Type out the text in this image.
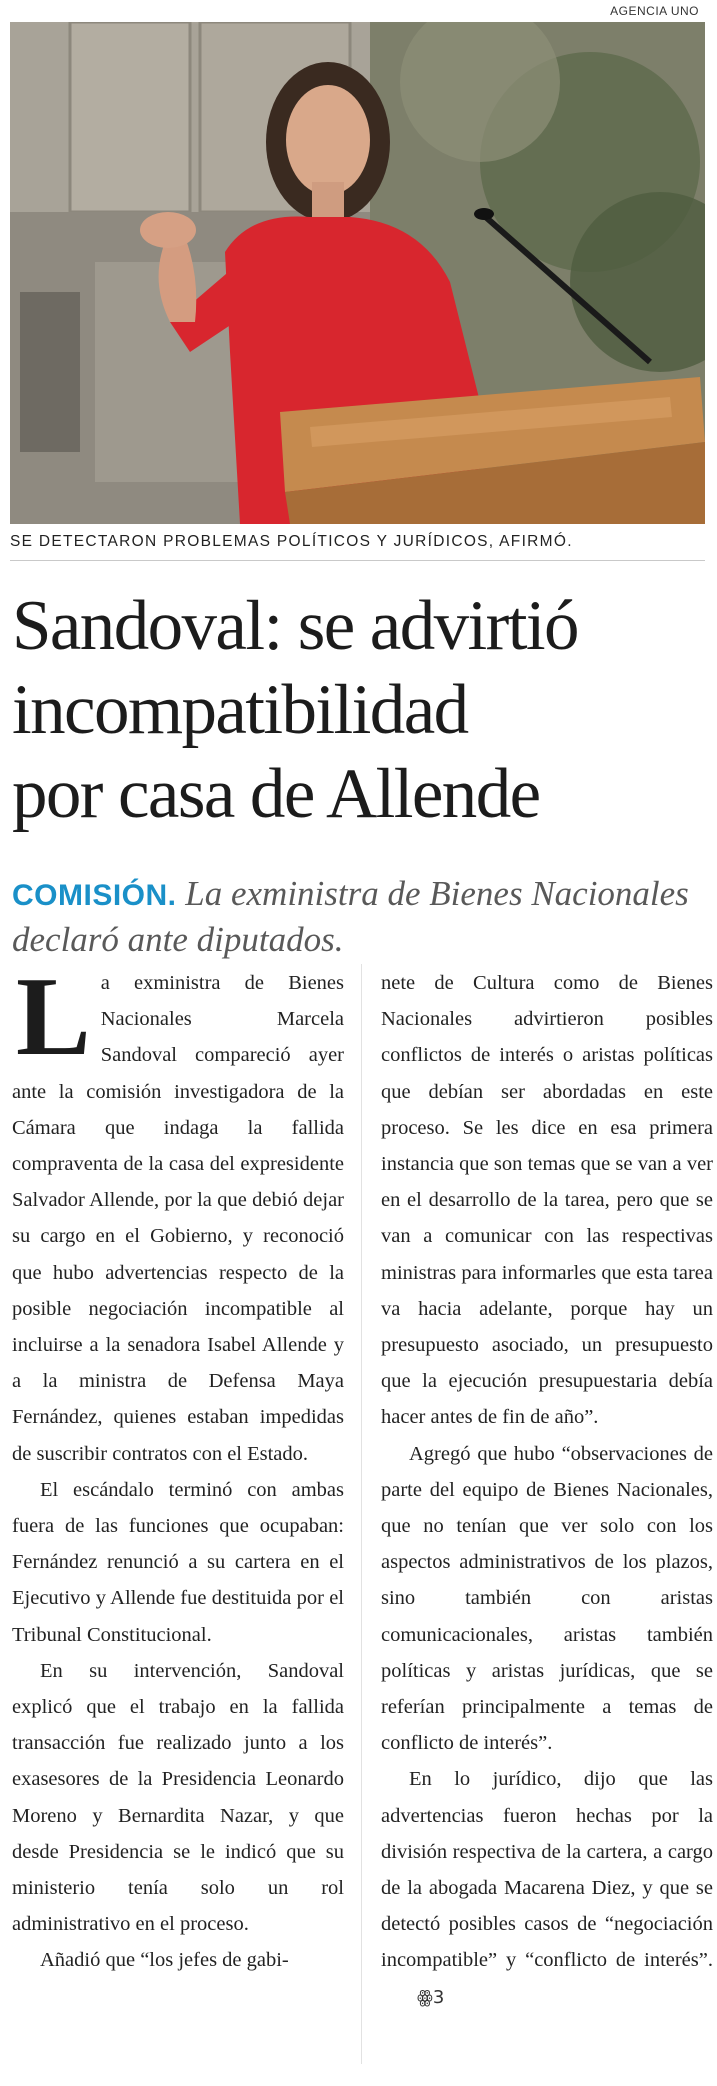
AGENCIA UNO
SE DETECTARON PROBLEMAS POLÍTICOS Y JURÍDICOS, AFIRMÓ.
Sandoval: se advirtió
incompatibilidad
por casa de Allende
COMISIÓN. La exministra de Bienes Nacionales declaró ante diputados.

La exministra de Bienes Nacionales Marcela Sandoval compareció ayer ante la comisión investigadora de la Cámara que indaga la fallida compraventa de la casa del expresidente Salvador Allende, por la que debió dejar su cargo en el Gobierno, y reconoció que hubo advertencias respecto de la posible negociación incompatible al incluirse a la senadora Isabel Allende y a la ministra de Defensa Maya Fernández, quienes estaban impedidas de suscribir contratos con el Estado.

El escándalo terminó con ambas fuera de las funciones que ocupaban: Fernández renunció a su cartera en el Ejecutivo y Allende fue destituida por el Tribunal Constitucional.

En su intervención, Sandoval explicó que el trabajo en la fallida transacción fue realizado junto a los exasesores de la Presidencia Leonardo Moreno y Bernardita Nazar, y que desde Presidencia se le indicó que su ministerio tenía solo un rol administrativo en el proceso.

Añadió que “los jefes de gabi-

nete de Cultura como de Bienes Nacionales advirtieron posibles conflictos de interés o aristas políticas que debían ser abordadas en este proceso. Se les dice en esa primera instancia que son temas que se van a ver en el desarrollo de la tarea, pero que se van a comunicar con las respectivas ministras para informarles que esta tarea va hacia adelante, porque hay un presupuesto asociado, un presupuesto que la ejecución presupuestaria debía hacer antes de fin de año”.

Agregó que hubo “observaciones de parte del equipo de Bienes Nacionales, que no tenían que ver solo con los aspectos administrativos de los plazos, sino también con aristas comunicacionales, aristas también políticas y aristas jurídicas, que se referían principalmente a temas de conflicto de interés”.

En lo jurídico, dijo que las advertencias fueron hechas por la división respectiva de la cartera, a cargo de la abogada Macarena Diez, y que se detectó posibles casos de “negociación incompatible” y “conflicto de interés”.ꙮ3
